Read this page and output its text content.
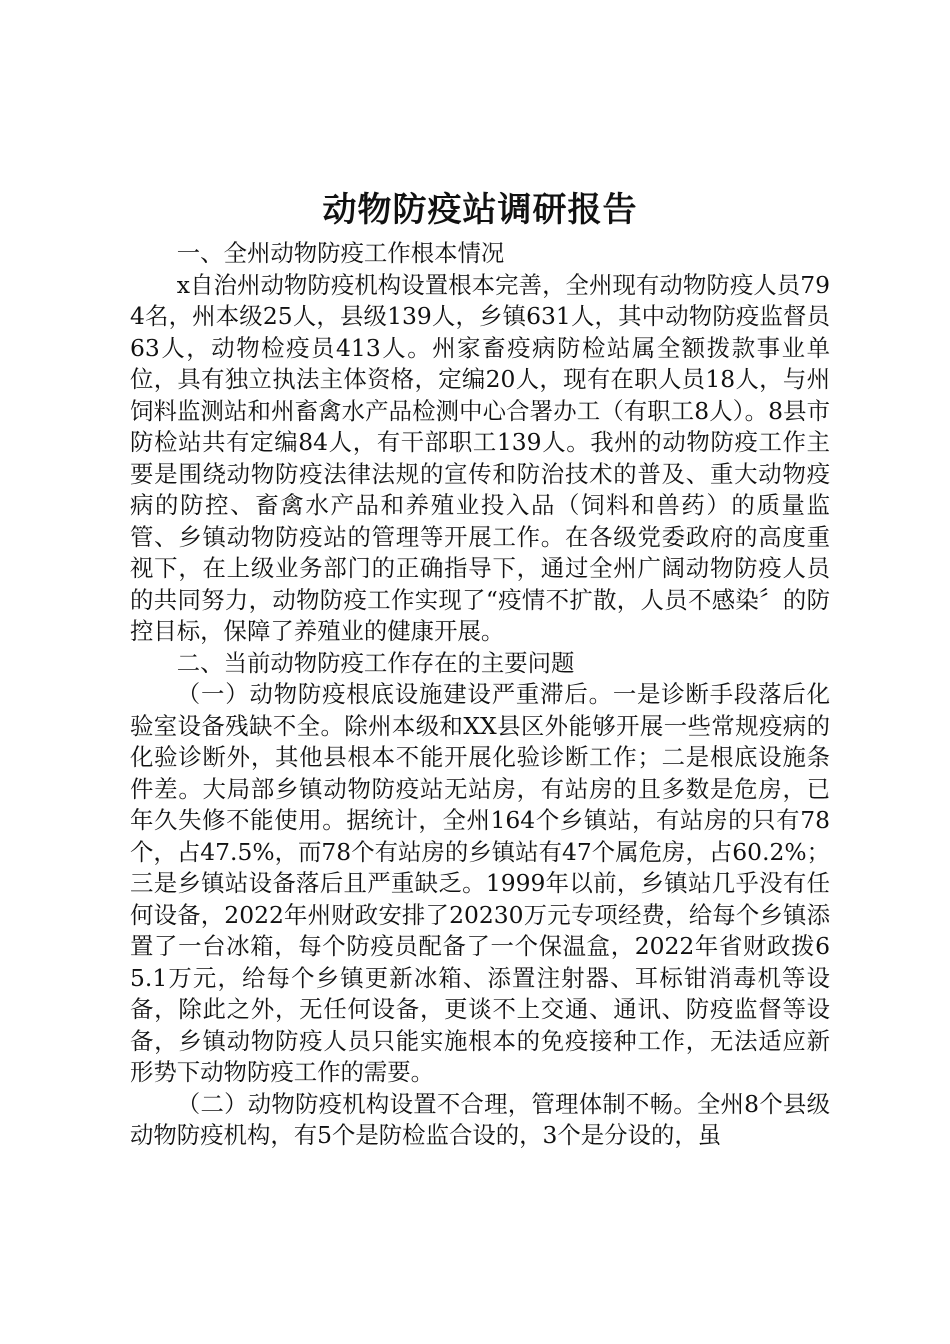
动物防疫站调研报告

一、全州动物防疫工作根本情况

x自治州动物防疫机构设置根本完善，全州现有动物防疫人员794名，州本级25人，县级139人，乡镇631人，其中动物防疫监督员63人，动物检疫员413人。州家畜疫病防检站属全额拨款事业单位，具有独立执法主体资格，定编20人，现有在职人员18人，与州饲料监测站和州畜禽水产品检测中心合署办工（有职工8人）。8县市防检站共有定编84人，有干部职工139人。我州的动物防疫工作主要是围绕动物防疫法律法规的宣传和防治技术的普及、重大动物疫病的防控、畜禽水产品和养殖业投入品（饲料和兽药）的质量监管、乡镇动物防疫站的管理等开展工作。在各级党委政府的高度重视下，在上级业务部门的正确指导下，通过全州广阔动物防疫人员的共同努力，动物防疫工作实现了“疫情不扩散，人员不感染〞的防控目标，保障了养殖业的健康开展。

二、当前动物防疫工作存在的主要问题

（一）动物防疫根底设施建设严重滞后。一是诊断手段落后化验室设备残缺不全。除州本级和XX县区外能够开展一些常规疫病的化验诊断外，其他县根本不能开展化验诊断工作；二是根底设施条件差。大局部乡镇动物防疫站无站房，有站房的且多数是危房，已年久失修不能使用。据统计，全州164个乡镇站，有站房的只有78个，占47.5%，而78个有站房的乡镇站有47个属危房，占60.2%；三是乡镇站设备落后且严重缺乏。1999年以前，乡镇站几乎没有任何设备，2022年州财政安排了20230万元专项经费，给每个乡镇添置了一台冰箱，每个防疫员配备了一个保温盒，2022年省财政拨65.1万元，给每个乡镇更新冰箱、添置注射器、耳标钳消毒机等设备，除此之外，无任何设备，更谈不上交通、通讯、防疫监督等设备，乡镇动物防疫人员只能实施根本的免疫接种工作，无法适应新形势下动物防疫工作的需要。

（二）动物防疫机构设置不合理，管理体制不畅。全州8个县级动物防疫机构，有5个是防检监合设的，3个是分设的，虽
